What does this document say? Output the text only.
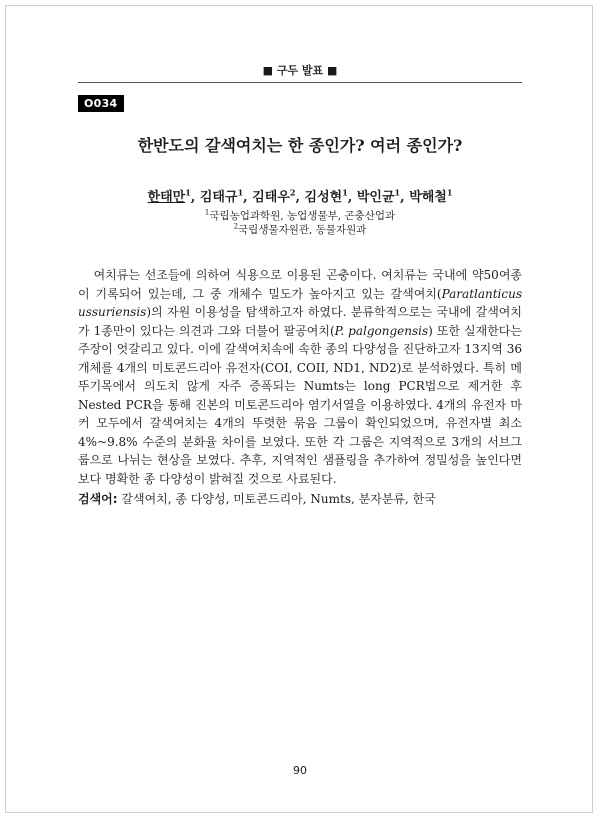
■ 구두 발표 ■
O034
한반도의 갈색여치는 한 종인가? 여러 종인가?
한태만$^1$, 김태규$^1$, 김태우$^2$, 김성현$^1$, 박인균$^1$, 박해철$^1$
$^1$국립농업과학원, 농업생물부, 곤충산업과
$^2$국립생물자원관, 동물자원과

여치류는 선조들에 의하여 식용으로 이용된 곤충이다. 여치류는 국내에 약50여종이 기록되어 있는데, 그 중 개체수 밀도가 높아지고 있는 갈색여치(Paratlanticus ussuriensis)의 자원 이용성을 탐색하고자 하였다. 분류학적으로는 국내에 갈색여치가 1종만이 있다는 의견과 그와 더불어 팔공여치(P. palgongensis) 또한 실재한다는 주장이 엇갈리고 있다. 이에 갈색여치속에 속한 종의 다양성을 진단하고자 13지역 36개체를 4개의 미토콘드리아 유전자(COI, COII, ND1, ND2)로 분석하였다. 특히 메뚜기목에서 의도치 않게 자주 증폭되는 Numts는 long PCR법으로 제거한 후 Nested PCR을 통해 진본의 미토콘드리아 염기서열을 이용하였다. 4개의 유전자 마커 모두에서 갈색여치는 4개의 뚜렷한 묶음 그룹이 확인되었으며, 유전자별 최소 4%~9.8% 수준의 분화율 차이를 보였다. 또한 각 그룹은 지역적으로 3개의 서브그룹으로 나뉘는 현상을 보였다. 추후, 지역적인 샘플링을 추가하여 정밀성을 높인다면 보다 명확한 종 다양성이 밝혀질 것으로 사료된다.

검색어: 갈색여치, 종 다양성, 미토콘드리아, Numts, 분자분류, 한국
90
